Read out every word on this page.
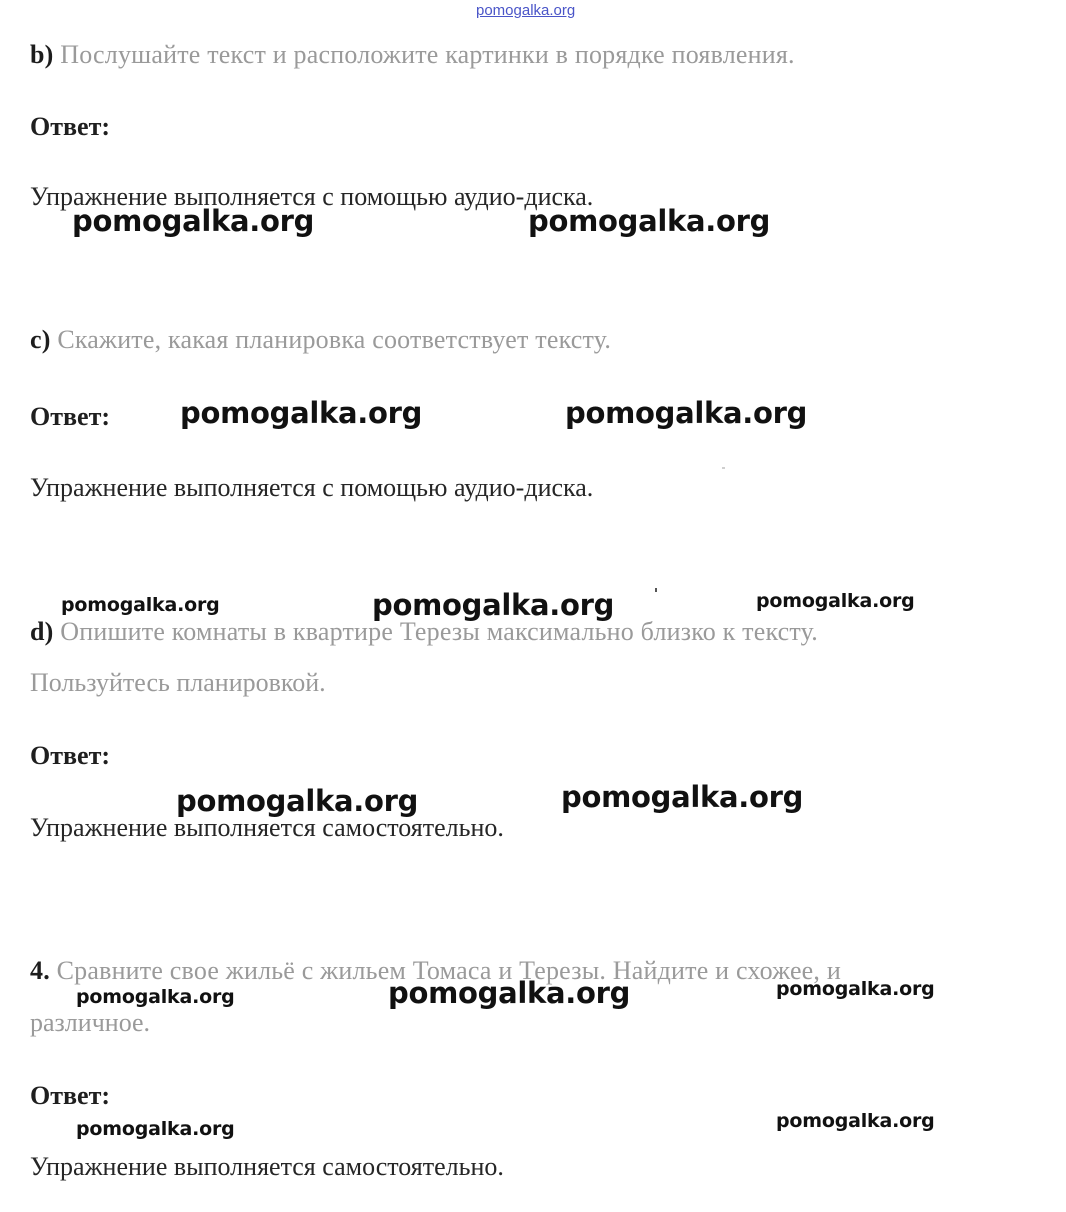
pomogalka.org
b) Послушайте текст и расположите картинки в порядке появления.
Ответ:
Упражнение выполняется с помощью аудио-диска.
с) Скажите, какая планировка соответствует тексту.
Ответ:
Упражнение выполняется с помощью аудио-диска.
d) Опишите комнаты в квартире Терезы максимально близко к тексту.
Пользуйтесь планировкой.
Ответ:
Упражнение выполняется самостоятельно.
4. Сравните свое жильё с жильем Томаса и Терезы. Найдите и схожее, и
различное.
Ответ:
Упражнение выполняется самостоятельно.
pomogalka.org	pomogalka.org
pomogalka.org	pomogalka.org
pomogalka.org
pomogalka.org	pomogalka.org
pomogalka.org
pomogalka.org	pomogalka.org
pomogalka.org	pomogalka.org
pomogalka.org	pomogalka.org
